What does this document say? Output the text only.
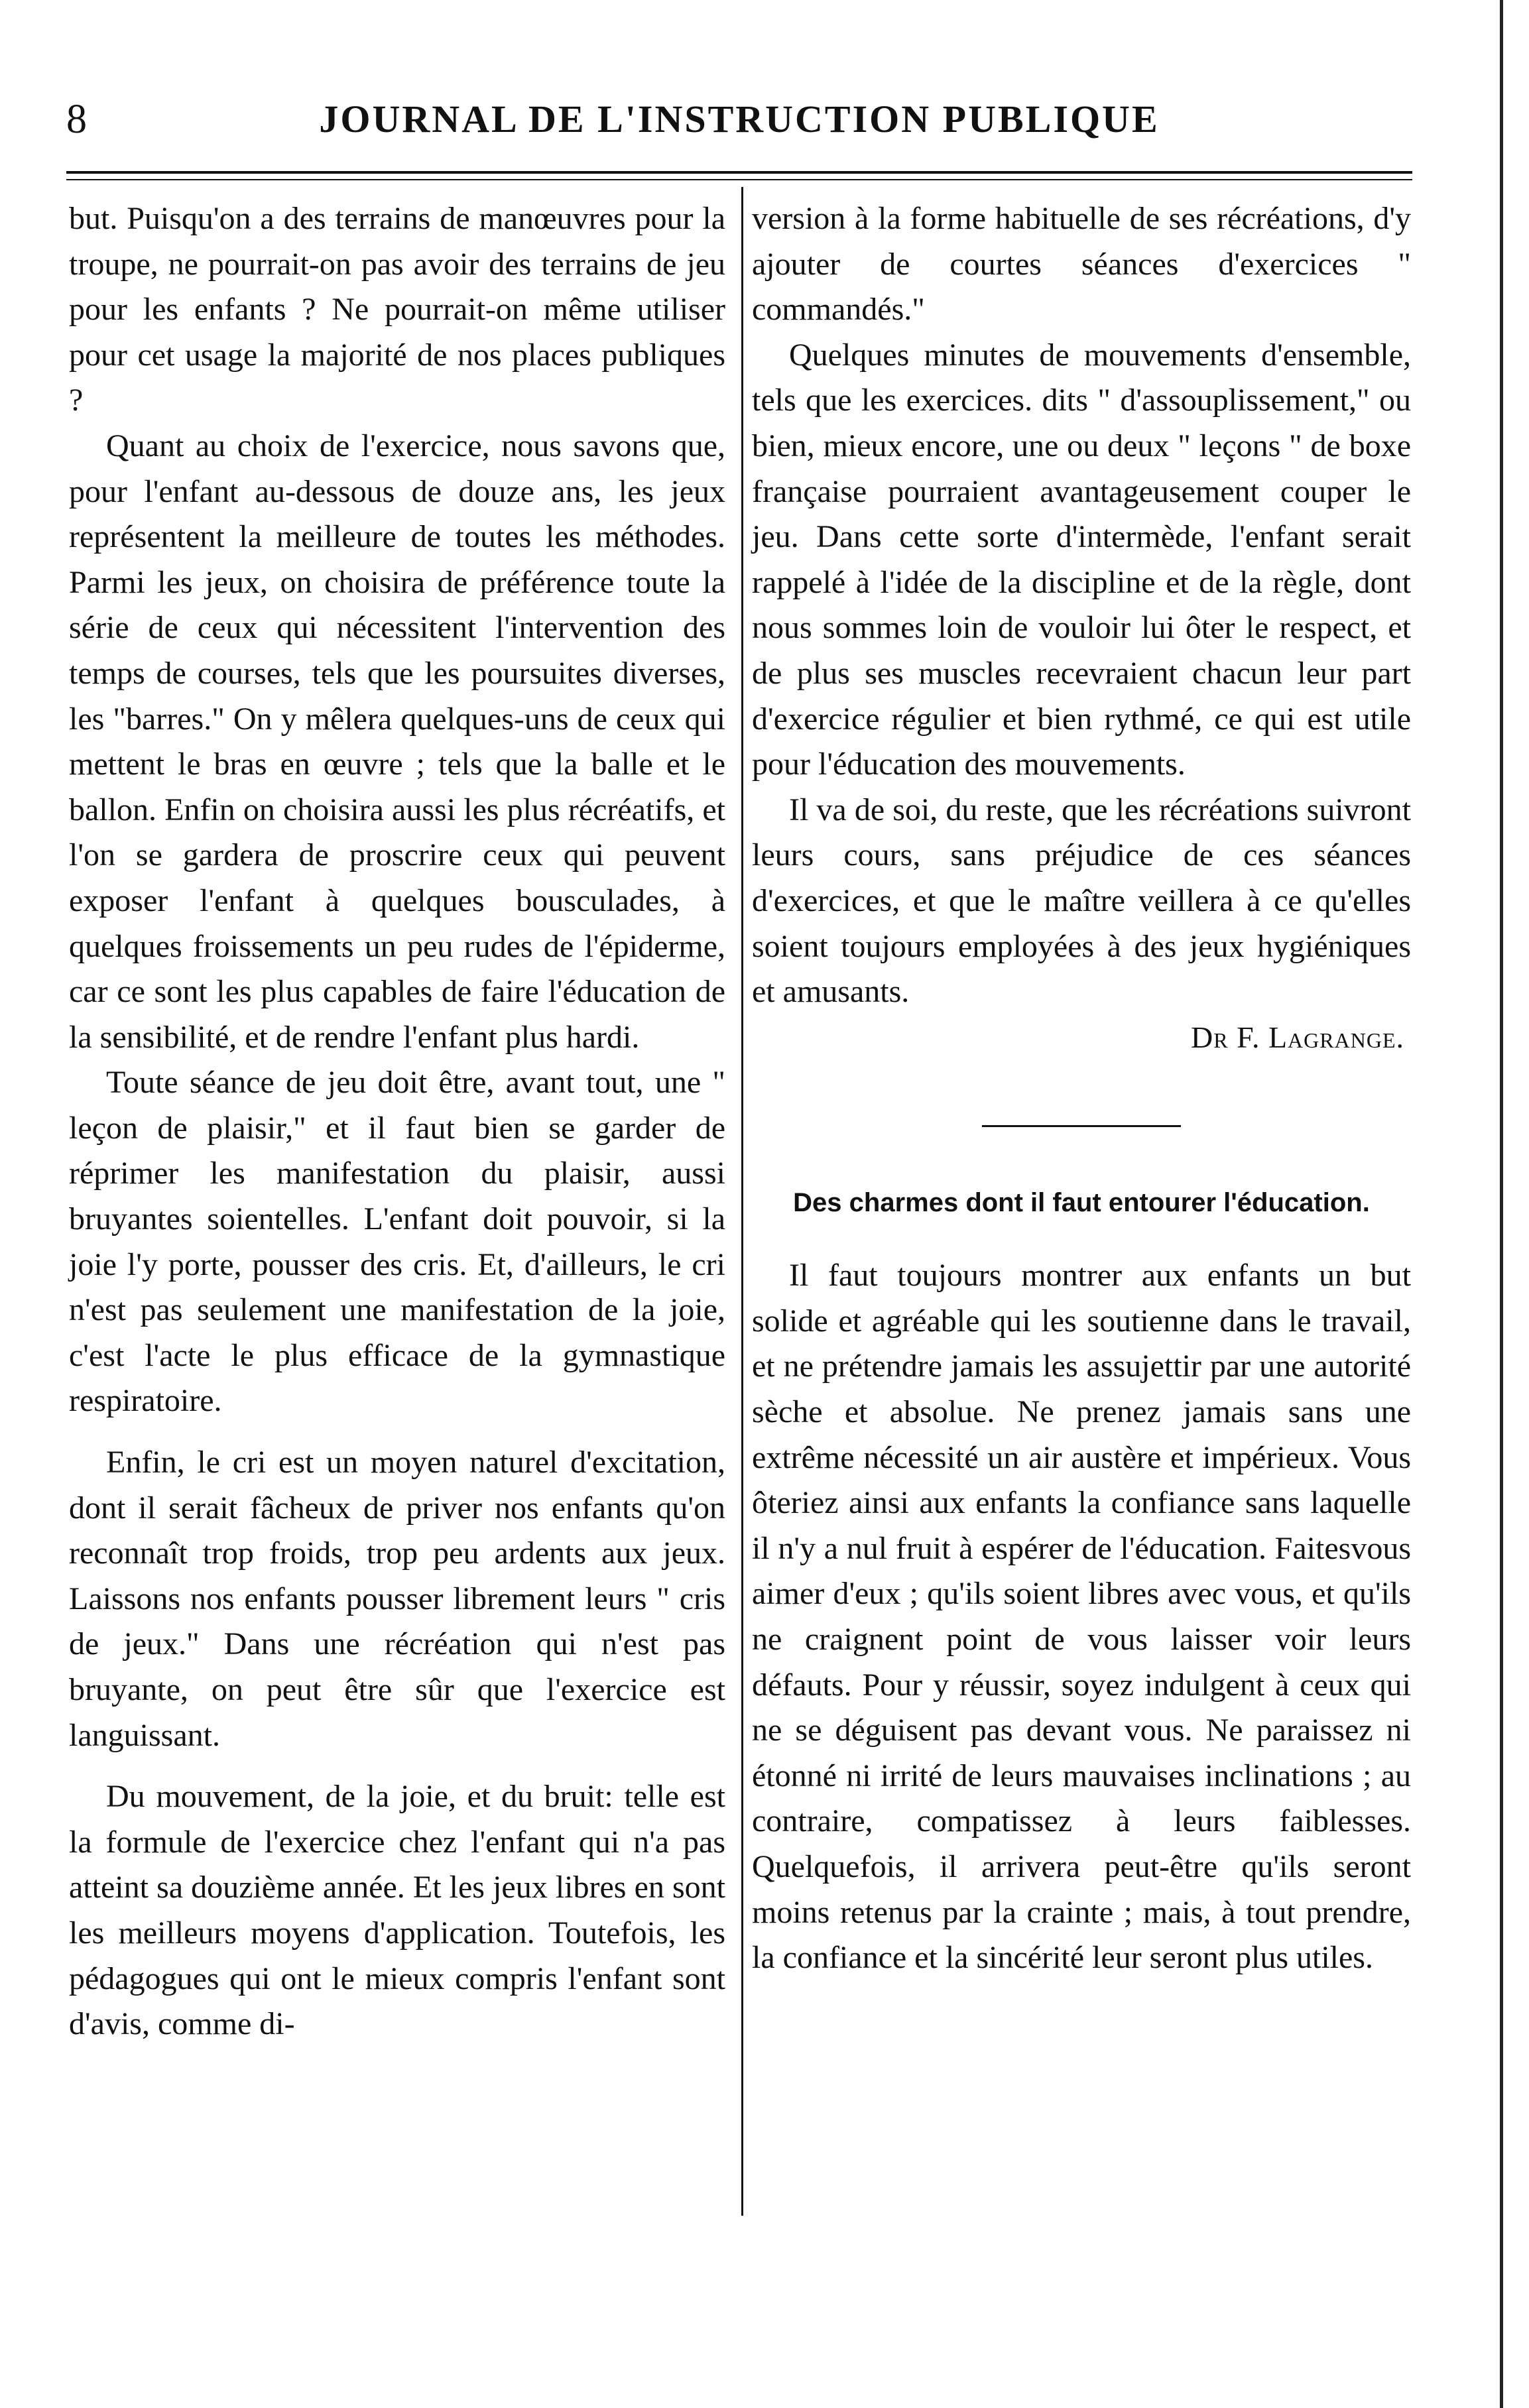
8	JOURNAL DE L'INSTRUCTION PUBLIQUE

but. Puisqu'on a des terrains de manœuvres pour la troupe, ne pourrait-on pas avoir des terrains de jeu pour les enfants ? Ne pourrait-on même utiliser pour cet usage la majorité de nos places publiques ?

Quant au choix de l'exercice, nous savons que, pour l'enfant au-dessous de douze ans, les jeux représentent la meilleure de toutes les méthodes. Parmi les jeux, on choisira de préférence toute la série de ceux qui nécessitent l'intervention des temps de courses, tels que les poursuites diverses, les "barres." On y mêlera quelques-uns de ceux qui mettent le bras en œuvre ; tels que la balle et le ballon. Enfin on choisira aussi les plus récréatifs, et l'on se gardera de proscrire ceux qui peuvent exposer l'enfant à quelques bousculades, à quelques froissements un peu rudes de l'épiderme, car ce sont les plus capables de faire l'éducation de la sensibilité, et de rendre l'enfant plus hardi.

Toute séance de jeu doit être, avant tout, une " leçon de plaisir," et il faut bien se garder de réprimer les manifestation du plaisir, aussi bruyantes soientelles. L'enfant doit pouvoir, si la joie l'y porte, pousser des cris. Et, d'ailleurs, le cri n'est pas seulement une manifestation de la joie, c'est l'acte le plus efficace de la gymnastique respiratoire.

Enfin, le cri est un moyen naturel d'excitation, dont il serait fâcheux de priver nos enfants qu'on reconnaît trop froids, trop peu ardents aux jeux. Laissons nos enfants pousser librement leurs " cris de jeux." Dans une récréation qui n'est pas bruyante, on peut être sûr que l'exercice est languissant.

Du mouvement, de la joie, et du bruit: telle est la formule de l'exercice chez l'enfant qui n'a pas atteint sa douzième année. Et les jeux libres en sont les meilleurs moyens d'application. Toutefois, les pédagogues qui ont le mieux compris l'enfant sont d'avis, comme di-

version à la forme habituelle de ses récréations, d'y ajouter de courtes séances d'exercices " commandés."

Quelques minutes de mouvements d'ensemble, tels que les exercices. dits " d'assouplissement," ou bien, mieux encore, une ou deux " leçons " de boxe française pourraient avantageusement couper le jeu. Dans cette sorte d'intermède, l'enfant serait rappelé à l'idée de la discipline et de la règle, dont nous sommes loin de vouloir lui ôter le respect, et de plus ses muscles recevraient chacun leur part d'exercice régulier et bien rythmé, ce qui est utile pour l'éducation des mouvements.

Il va de soi, du reste, que les récréations suivront leurs cours, sans préjudice de ces séances d'exercices, et que le maître veillera à ce qu'elles soient toujours employées à des jeux hygiéniques et amusants.

Dr F. Lagrange.

Des charmes dont il faut entourer l'éducation.

Il faut toujours montrer aux enfants un but solide et agréable qui les soutienne dans le travail, et ne prétendre jamais les assujettir par une autorité sèche et absolue. Ne prenez jamais sans une extrême nécessité un air austère et impérieux. Vous ôteriez ainsi aux enfants la confiance sans laquelle il n'y a nul fruit à espérer de l'éducation. Faitesvous aimer d'eux ; qu'ils soient libres avec vous, et qu'ils ne craignent point de vous laisser voir leurs défauts. Pour y réussir, soyez indulgent à ceux qui ne se déguisent pas devant vous. Ne paraissez ni étonné ni irrité de leurs mauvaises inclinations ; au contraire, compatissez à leurs faiblesses. Quelquefois, il arrivera peut-être qu'ils seront moins retenus par la crainte ; mais, à tout prendre, la confiance et la sincérité leur seront plus utiles.
